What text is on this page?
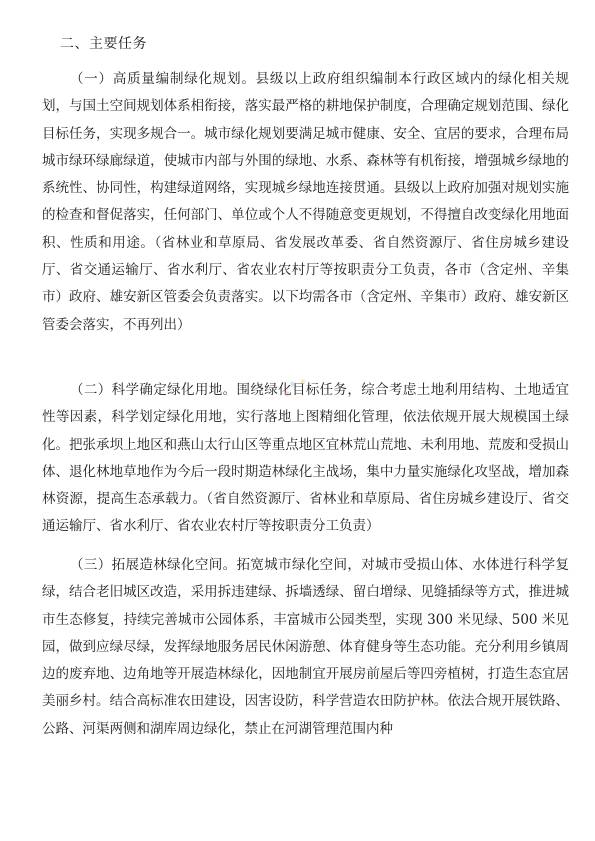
二、主要任务

（一）高质量编制绿化规划。县级以上政府组织编制本行政区域内的绿化相关规划，与国土空间规划体系相衔接，落实最严格的耕地保护制度，合理确定规划范围、绿化目标任务，实现多规合一。城市绿化规划要满足城市健康、安全、宜居的要求，合理布局城市绿环绿廊绿道，使城市内部与外围的绿地、水系、森林等有机衔接，增强城乡绿地的系统性、协同性，构建绿道网络，实现城乡绿地连接贯通。县级以上政府加强对规划实施的检查和督促落实，任何部门、单位或个人不得随意变更规划，不得擅自改变绿化用地面积、性质和用途。（省林业和草原局、省发展改革委、省自然资源厅、省住房城乡建设厅、省交通运输厅、省水利厅、省农业农村厅等按职责分工负责，各市（含定州、辛集市）政府、雄安新区管委会负责落实。以下均需各市（含定州、辛集市）政府、雄安新区管委会落实，不再列出）

（二）科学确定绿化用地。围绕绿化目标任务，综合考虑土地利用结构、土地适宜性等因素，科学划定绿化用地，实行落地上图精细化管理，依法依规开展大规模国土绿化。把张承坝上地区和燕山太行山区等重点地区宜林荒山荒地、未利用地、荒废和受损山体、退化林地草地作为今后一段时期造林绿化主战场，集中力量实施绿化攻坚战，增加森林资源，提高生态承载力。（省自然资源厅、省林业和草原局、省住房城乡建设厅、省交通运输厅、省水利厅、省农业农村厅等按职责分工负责）

（三）拓展造林绿化空间。拓宽城市绿化空间，对城市受损山体、水体进行科学复绿，结合老旧城区改造，采用拆违建绿、拆墙透绿、留白增绿、见缝插绿等方式，推进城市生态修复，持续完善城市公园体系，丰富城市公园类型，实现 300 米见绿、500 米见园，做到应绿尽绿，发挥绿地服务居民休闲游憩、体育健身等生态功能。充分利用乡镇周边的废弃地、边角地等开展造林绿化，因地制宜开展房前屋后等四旁植树，打造生态宜居美丽乡村。结合高标准农田建设，因害设防，科学营造农田防护林。依法合规开展铁路、公路、河渠两侧和湖库周边绿化，禁止在河湖管理范围内种
